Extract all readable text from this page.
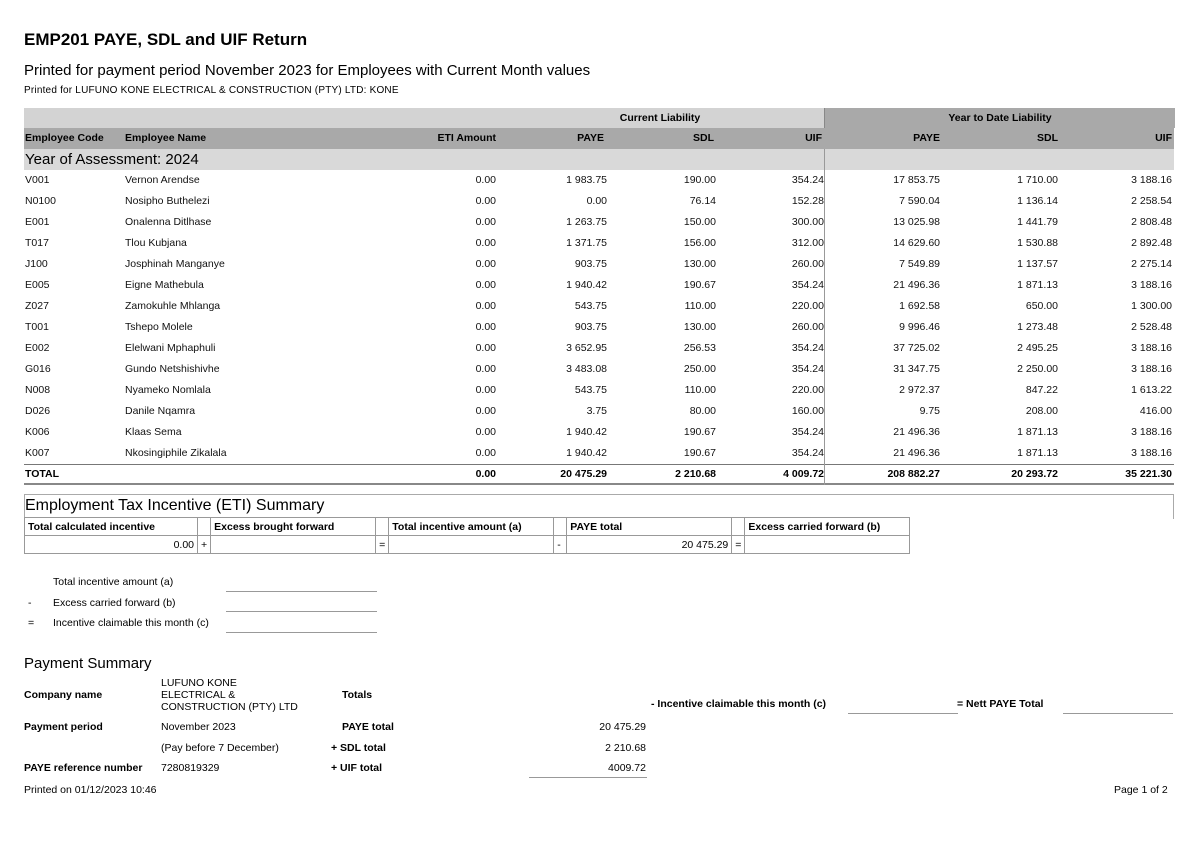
EMP201 PAYE, SDL and UIF Return
Printed for payment period November 2023 for Employees with Current Month values
Printed for LUFUNO KONE ELECTRICAL & CONSTRUCTION (PTY) LTD: KONE
Current Liability	Year to Date Liability
Employee Code Employee Name	ETI Amount	PAYE	SDL	UIF	PAYE	SDL	UIF
Year of Assessment: 2024
V001	Vernon Arendse	0.00	1 983.75	190.00	354.24	17 853.75	1 710.00	3 188.16
N0100	Nosipho Buthelezi	0.00	0.00	76.14	152.28	7 590.04	1 136.14	2 258.54
E001	Onalenna Ditlhase	0.00	1 263.75	150.00	300.00	13 025.98	1 441.79	2 808.48
T017	Tlou Kubjana	0.00	1 371.75	156.00	312.00	14 629.60	1 530.88	2 892.48
J100	Josphinah Manganye	0.00	903.75	130.00	260.00	7 549.89	1 137.57	2 275.14
E005	Eigne Mathebula	0.00	1 940.42	190.67	354.24	21 496.36	1 871.13	3 188.16
Z027	Zamokuhle Mhlanga	0.00	543.75	110.00	220.00	1 692.58	650.00	1 300.00
T001	Tshepo Molele	0.00	903.75	130.00	260.00	9 996.46	1 273.48	2 528.48
E002	Elelwani Mphaphuli	0.00	3 652.95	256.53	354.24	37 725.02	2 495.25	3 188.16
G016	Gundo Netshishivhe	0.00	3 483.08	250.00	354.24	31 347.75	2 250.00	3 188.16
N008	Nyameko Nomlala	0.00	543.75	110.00	220.00	2 972.37	847.22	1 613.22
D026	Danile Nqamra	0.00	3.75	80.00	160.00	9.75	208.00	416.00
K006	Klaas Sema	0.00	1 940.42	190.67	354.24	21 496.36	1 871.13	3 188.16
K007	Nkosingiphile Zikalala	0.00	1 940.42	190.67	354.24	21 496.36	1 871.13	3 188.16
TOTAL	0.00	20 475.29	2 210.68	4 009.72	208 882.27	20 293.72	35 221.30
Employment Tax Incentive (ETI) Summary
Total calculated incentive		Excess brought forward		Total incentive amount (a)		PAYE total		Excess carried forward (b)
0.00	+		=		-	20 475.29	=	
Total incentive amount (a)
- Excess carried forward (b)
= Incentive claimable this month (c)
Payment Summary
Company name
LUFUNO KONE
ELECTRICAL &
CONSTRUCTION (PTY) LTD
Totals
- Incentive claimable this month (c)	= Nett PAYE Total
Payment period	November 2023	PAYE total	20 475.29
(Pay before 7 December)	+ SDL total	2 210.68
PAYE reference number 7280819329	+ UIF total	4009.72
Printed on 01/12/2023 10:46	Page 1 of 2
